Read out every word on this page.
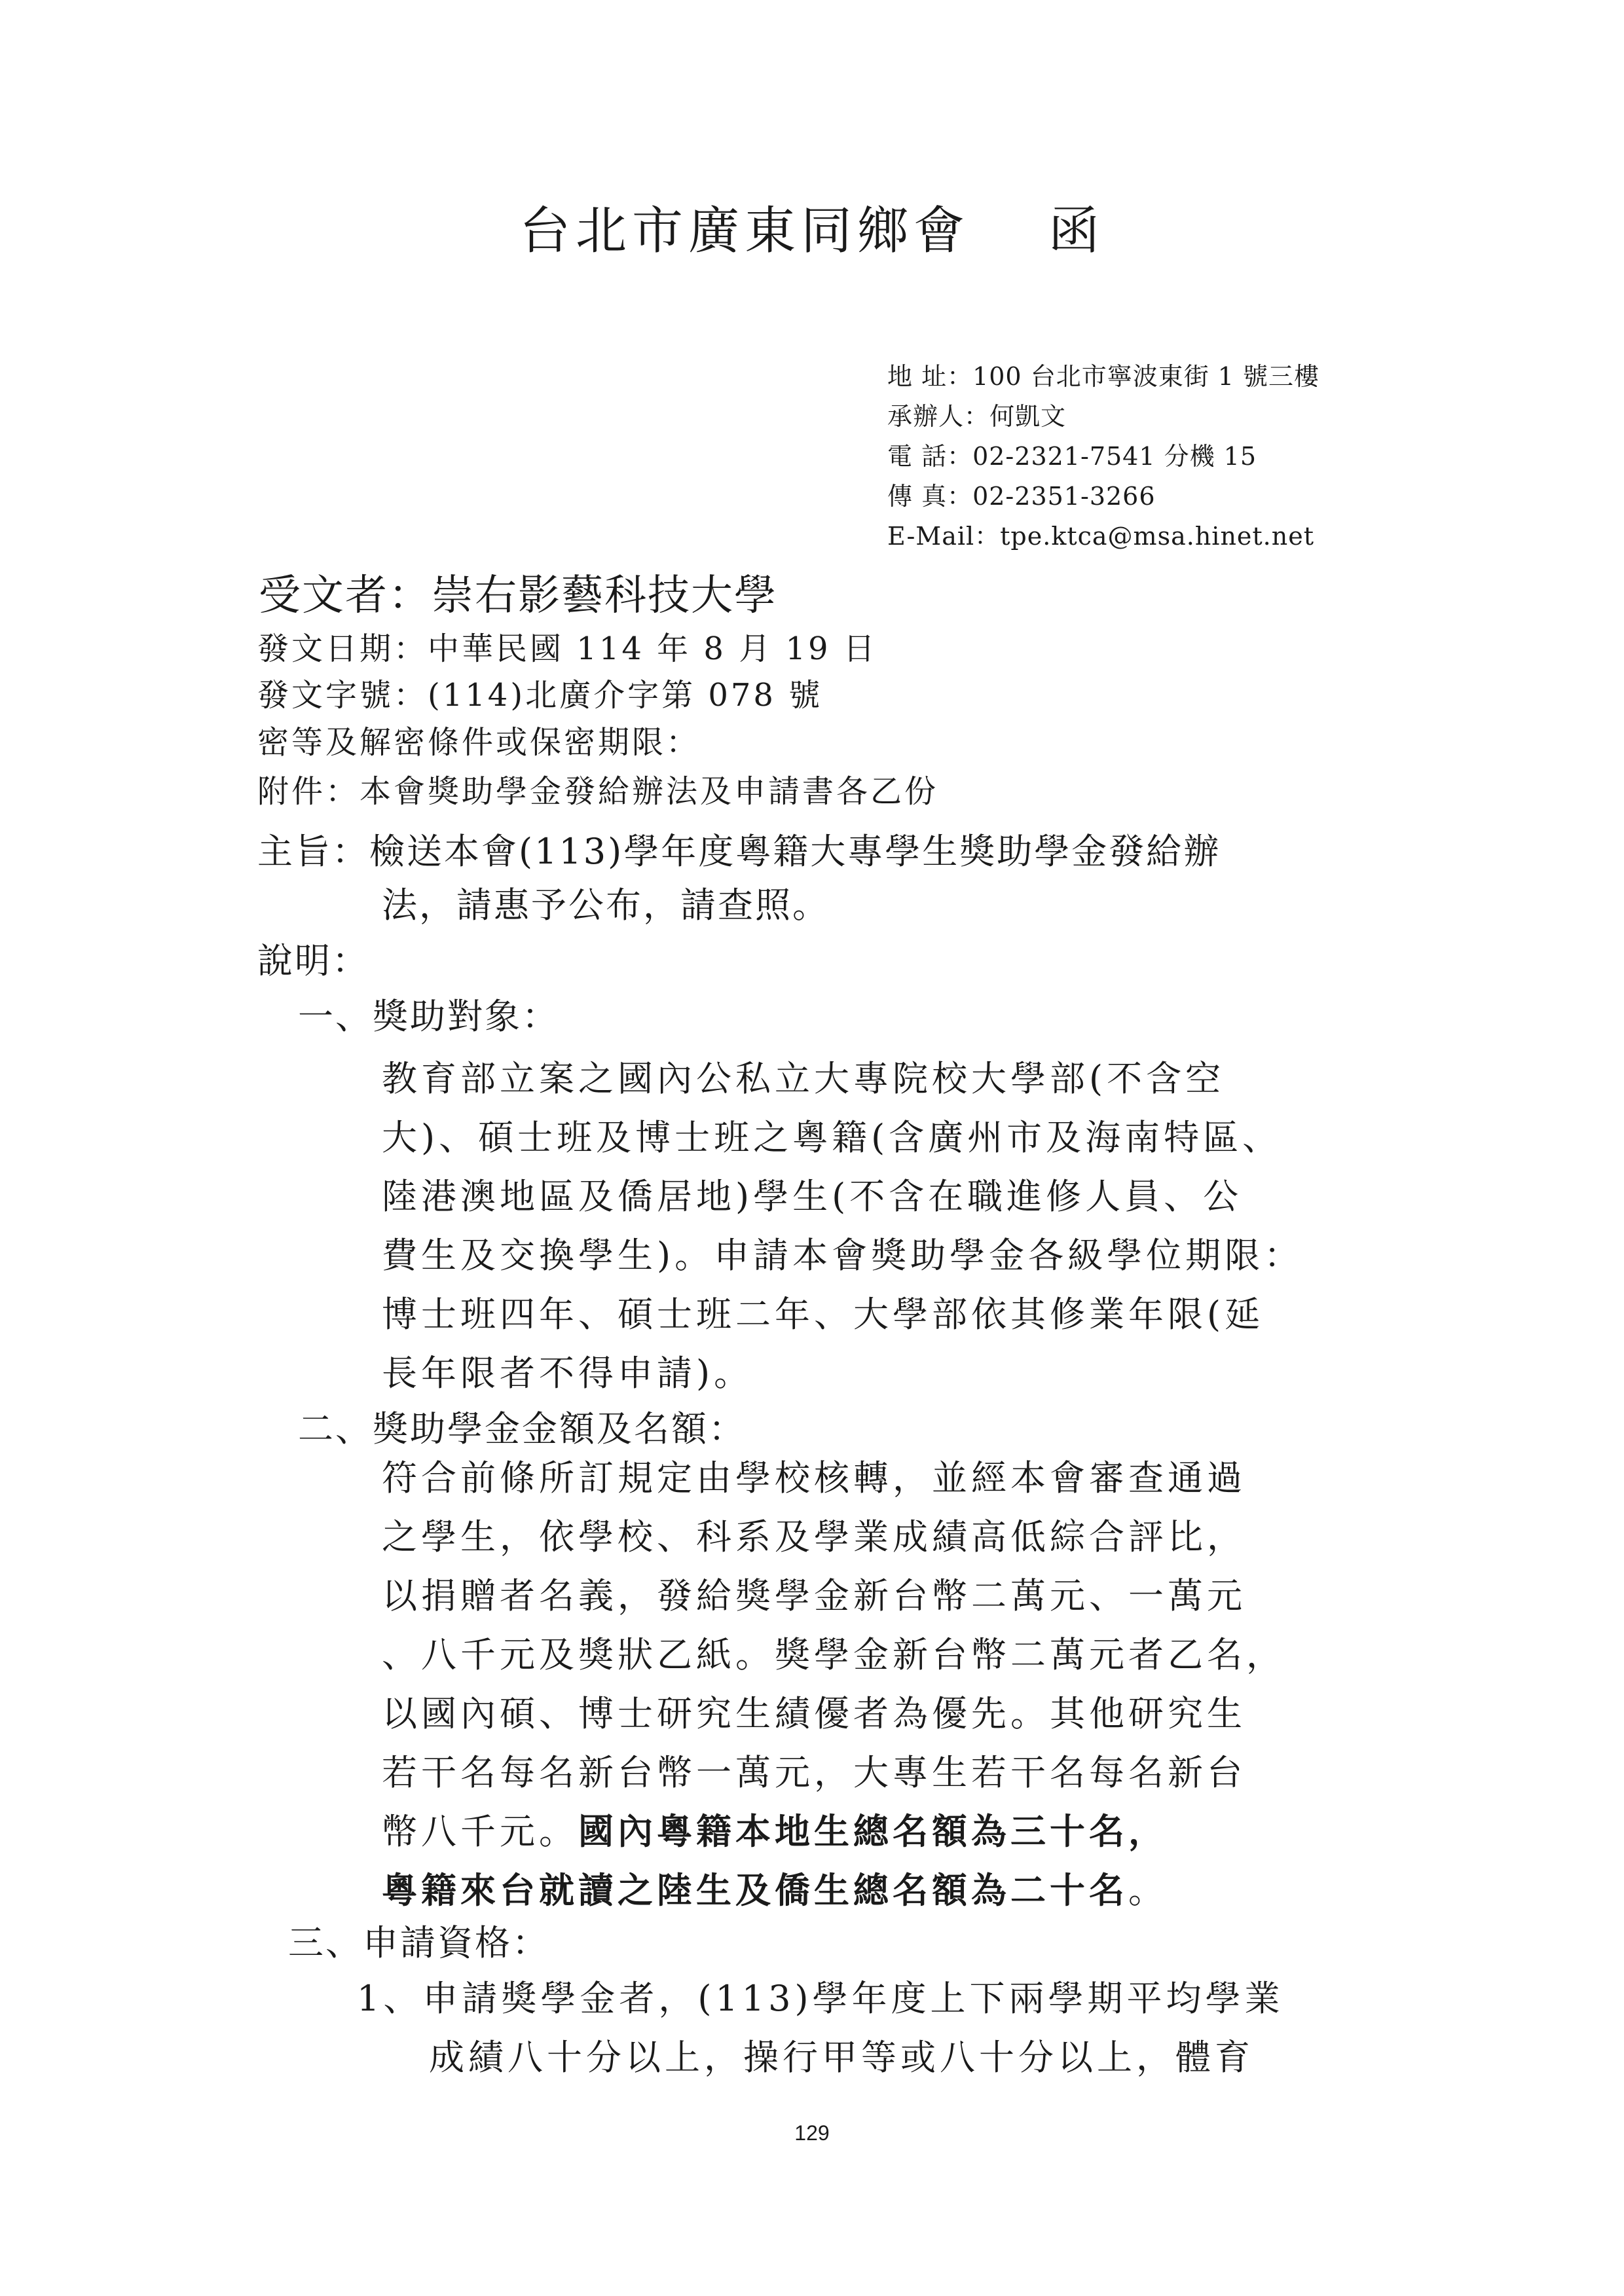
台北市廣東同鄉會 函
地 址：100 台北市寧波東街 1 號三樓
承辦人：何凱文
電 話：02-2321-7541 分機 15
傳 真：02-2351-3266
E-Mail：tpe.ktca@msa.hinet.net
受文者：崇右影藝科技大學
發文日期：中華民國 114 年 8 月 19 日
發文字號：(114)北廣介字第 078 號
密等及解密條件或保密期限：
附件：本會獎助學金發給辦法及申請書各乙份
主旨：檢送本會(113)學年度粵籍大專學生獎助學金發給辦
法，請惠予公布，請查照。
說明：
一、獎助對象：
教育部立案之國內公私立大專院校大學部(不含空
大)、碩士班及博士班之粵籍(含廣州市及海南特區、
陸港澳地區及僑居地)學生(不含在職進修人員、公
費生及交換學生)。申請本會獎助學金各級學位期限：
博士班四年、碩士班二年、大學部依其修業年限(延
長年限者不得申請)。
二、獎助學金金額及名額：
符合前條所訂規定由學校核轉，並經本會審查通過
之學生，依學校、科系及學業成績高低綜合評比，
以捐贈者名義，發給獎學金新台幣二萬元、一萬元
、八千元及獎狀乙紙。獎學金新台幣二萬元者乙名，
以國內碩、博士研究生績優者為優先。其他研究生
若干名每名新台幣一萬元，大專生若干名每名新台
幣八千元。國內粵籍本地生總名額為三十名，
粵籍來台就讀之陸生及僑生總名額為二十名。
三、申請資格：
1、申請獎學金者，(113)學年度上下兩學期平均學業
成績八十分以上，操行甲等或八十分以上，體育
129
